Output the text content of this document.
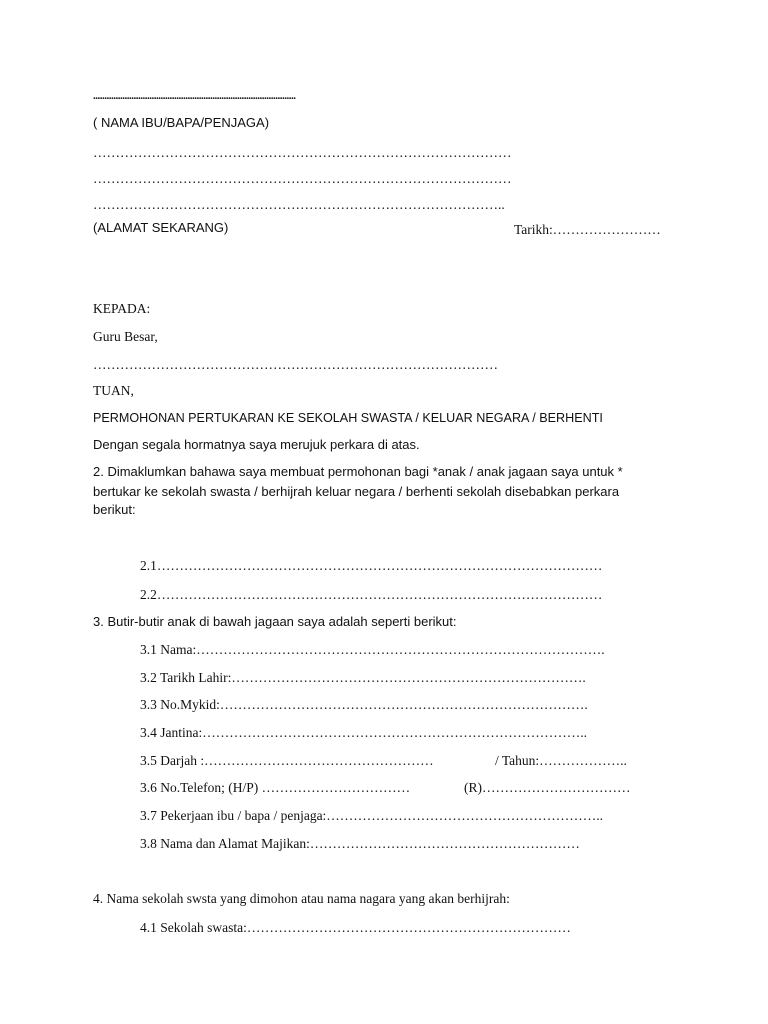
..........................................................................................
( NAMA IBU/BAPA/PENJAGA)
…………………………………………………………………………………
…………………………………………………………………………………
………………………………………………………………………………..
(ALAMAT SEKARANG)	Tarikh:……………………
KEPADA:
Guru Besar,
………………………………………………………………………………
TUAN,
PERMOHONAN PERTUKARAN KE SEKOLAH SWASTA / KELUAR NEGARA / BERHENTI
Dengan segala hormatnya saya merujuk perkara di atas.
2. Dimaklumkan bahawa saya membuat permohonan bagi *anak / anak jagaan saya untuk *
bertukar ke sekolah swasta / berhijrah keluar negara / berhenti sekolah disebabkan perkara
berikut:
2.1………………………………………………………………………………………
2.2………………………………………………………………………………………
3. Butir-butir anak di bawah jagaan saya adalah seperti berikut:
3.1 Nama:……………………………………………………………………………….
3.2 Tarikh Lahir:…………………………………………………………………….
3.3 No.Mykid:……………………………………………………………………….
3.4 Jantina:…………………………………………………………………………..
3.5 Darjah :……………………………………………	/ Tahun:………………..
3.6 No.Telefon; (H/P) ……………………………	(R)……………………………
3.7 Pekerjaan ibu / bapa / penjaga:……………………………………………………..
3.8 Nama dan Alamat Majikan:……………………………………………………
4. Nama sekolah swsta yang dimohon atau nama nagara yang akan berhijrah:
4.1 Sekolah swasta:………………………………………………………………
